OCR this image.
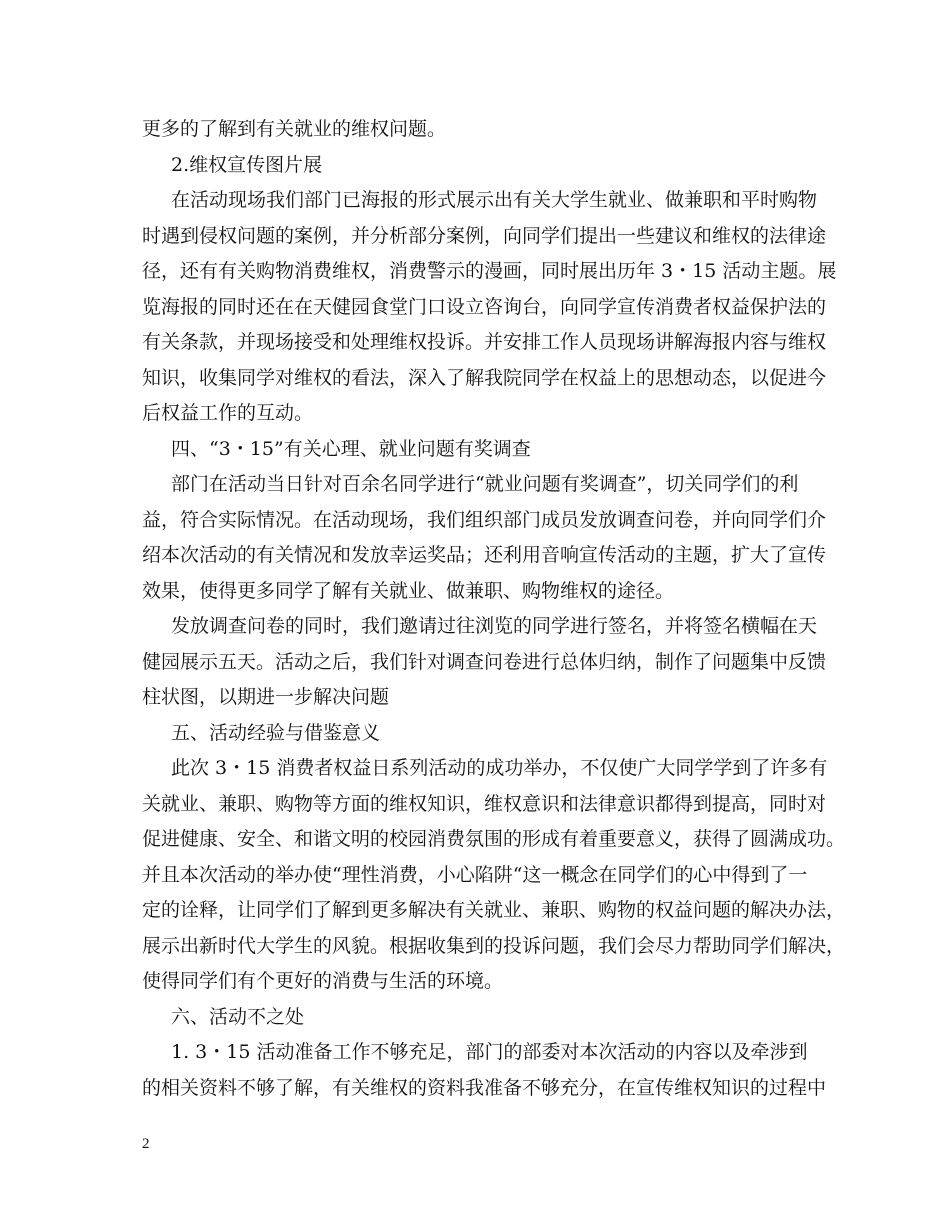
更多的了解到有关就业的维权问题。
2.维权宣传图片展
在活动现场我们部门已海报的形式展示出有关大学生就业、做兼职和平时购物
时遇到侵权问题的案例，并分析部分案例，向同学们提出一些建议和维权的法律途
径，还有有关购物消费维权，消费警示的漫画，同时展出历年 3・15 活动主题。展
览海报的同时还在在天健园食堂门口设立咨询台，向同学宣传消费者权益保护法的
有关条款，并现场接受和处理维权投诉。并安排工作人员现场讲解海报内容与维权
知识，收集同学对维权的看法，深入了解我院同学在权益上的思想动态，以促进今
后权益工作的互动。
四、“3・15”有关心理、就业问题有奖调查
部门在活动当日针对百余名同学进行“就业问题有奖调查”，切关同学们的利
益，符合实际情况。在活动现场，我们组织部门成员发放调查问卷，并向同学们介
绍本次活动的有关情况和发放幸运奖品；还利用音响宣传活动的主题，扩大了宣传
效果，使得更多同学了解有关就业、做兼职、购物维权的途径。
发放调查问卷的同时，我们邀请过往浏览的同学进行签名，并将签名横幅在天
健园展示五天。活动之后，我们针对调查问卷进行总体归纳，制作了问题集中反馈
柱状图，以期进一步解决问题
五、活动经验与借鉴意义
此次 3・15 消费者权益日系列活动的成功举办，不仅使广大同学学到了许多有
关就业、兼职、购物等方面的维权知识，维权意识和法律意识都得到提高，同时对
促进健康、安全、和谐文明的校园消费氛围的形成有着重要意义，获得了圆满成功。
并且本次活动的举办使“理性消费，小心陷阱“这一概念在同学们的心中得到了一
定的诠释，让同学们了解到更多解决有关就业、兼职、购物的权益问题的解决办法，
展示出新时代大学生的风貌。根据收集到的投诉问题，我们会尽力帮助同学们解决，
使得同学们有个更好的消费与生活的环境。
六、活动不之处
1. 3・15 活动准备工作不够充足，部门的部委对本次活动的内容以及牵涉到
的相关资料不够了解，有关维权的资料我准备不够充分，在宣传维权知识的过程中
2
